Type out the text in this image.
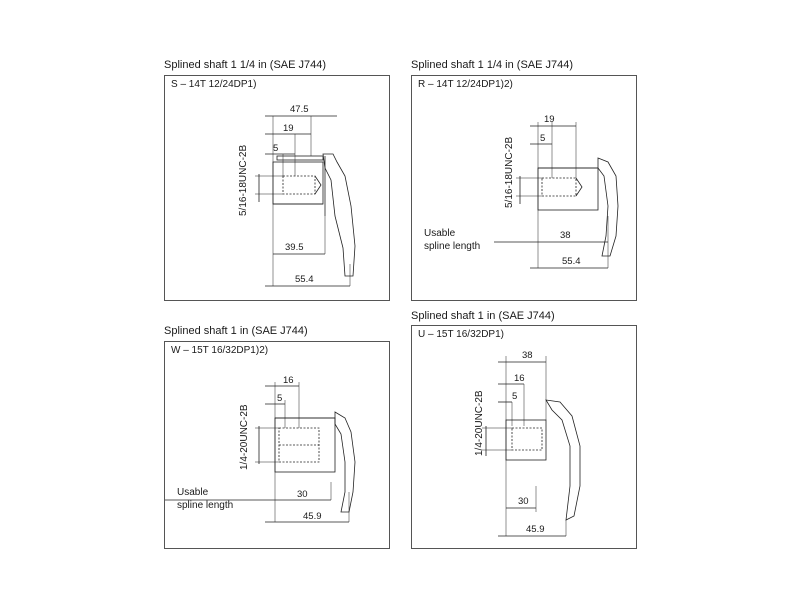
Splined shaft 1 1/4 in (SAE J744)
S – 14T 12/24DP1)
47.5
19
5
39.5
55.4
5/16-18UNC-2B
Splined shaft 1 1/4 in (SAE J744)
R – 14T 12/24DP1)2)
19
5
38
55.4
Usable
spline length
5/16-18UNC-2B
Splined shaft 1 in (SAE J744)
W – 15T 16/32DP1)2)
16
5
30
45.9
Usable
spline length
1/4-20UNC-2B
Splined shaft 1 in (SAE J744)
U – 15T 16/32DP1)
38
16
5
30
45.9
1/4-20UNC-2B
